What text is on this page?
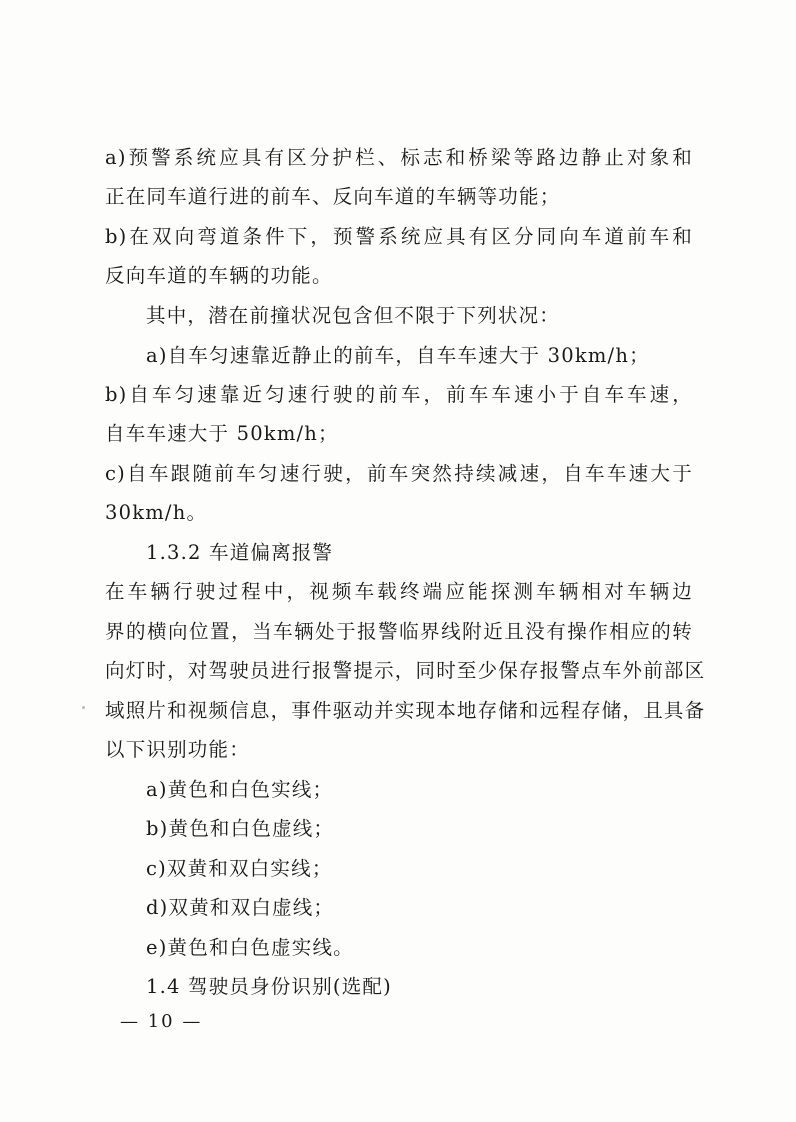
a)预警系统应具有区分护栏、标志和桥梁等路边静止对象和
正在同车道行进的前车、反向车道的车辆等功能；
b)在双向弯道条件下，预警系统应具有区分同向车道前车和
反向车道的车辆的功能。
其中，潜在前撞状况包含但不限于下列状况：
a)自车匀速靠近静止的前车，自车车速大于 30km/h；
b)自车匀速靠近匀速行驶的前车，前车车速小于自车车速，
自车车速大于 50km/h；
c)自车跟随前车匀速行驶，前车突然持续减速，自车车速大于
30km/h。
1.3.2 车道偏离报警
在车辆行驶过程中，视频车载终端应能探测车辆相对车辆边
界的横向位置，当车辆处于报警临界线附近且没有操作相应的转
向灯时，对驾驶员进行报警提示，同时至少保存报警点车外前部区
域照片和视频信息，事件驱动并实现本地存储和远程存储，且具备
以下识别功能：
a)黄色和白色实线；
b)黄色和白色虚线；
c)双黄和双白实线；
d)双黄和双白虚线；
e)黄色和白色虚实线。
1.4 驾驶员身份识别(选配)
— 10 —
